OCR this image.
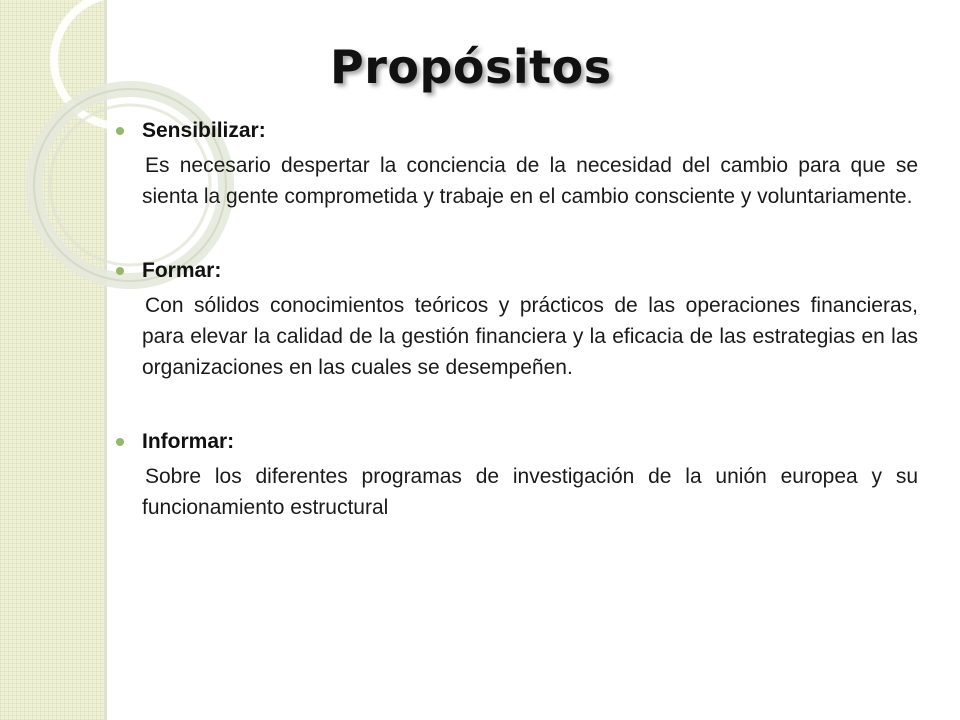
Propósitos
Sensibilizar:

Es necesario despertar la conciencia de la necesidad del cambio para que se sienta la gente comprometida y trabaje en el cambio consciente y voluntariamente.

Formar:

Con sólidos conocimientos teóricos y prácticos de las operaciones financieras, para elevar la calidad de la gestión financiera y la eficacia de las estrategias en las organizaciones en las cuales se desempeñen.

Informar:

Sobre los diferentes programas de investigación de la unión europea y su funcionamiento estructural
